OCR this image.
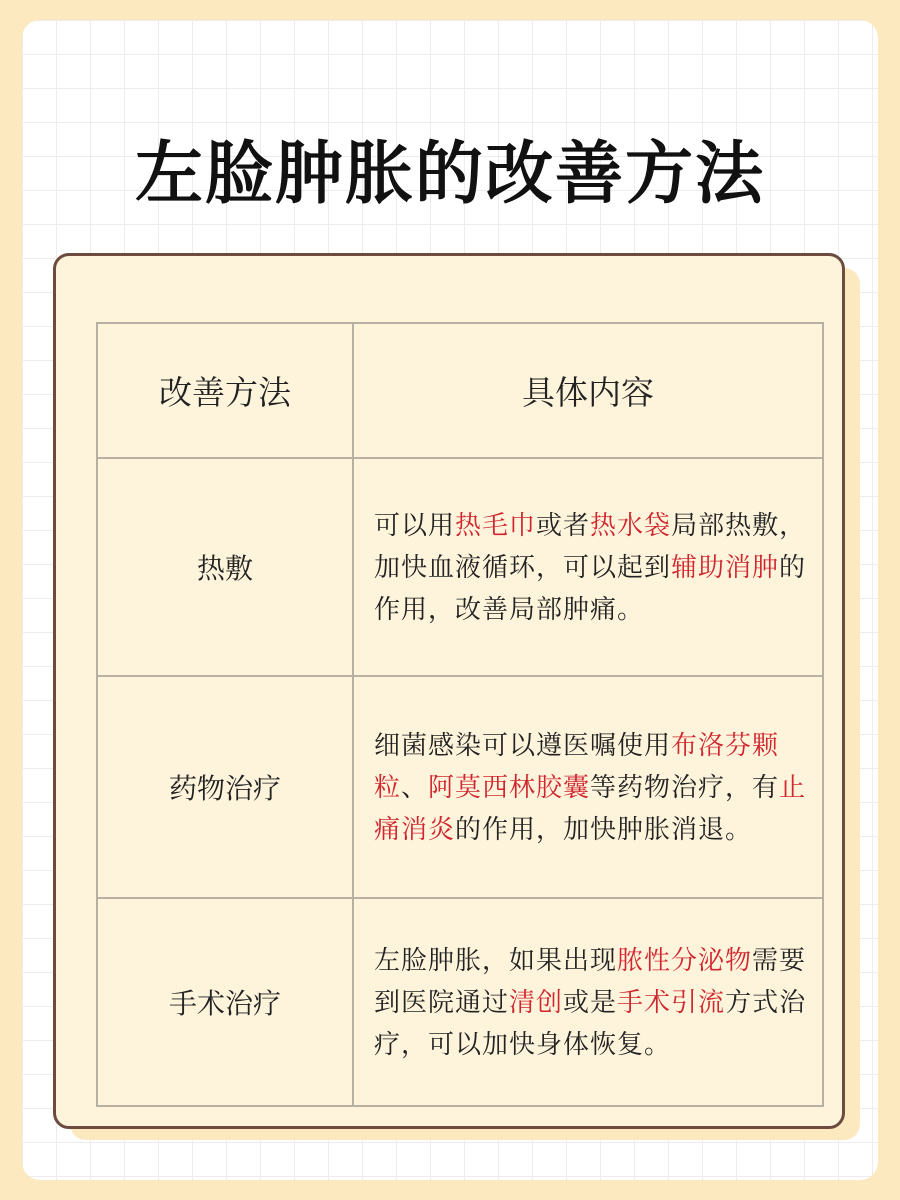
左脸肿胀的改善方法
改善方法	具体内容
热敷	可以用热毛巾或者热水袋局部热敷，加快血液循环，可以起到辅助消肿的作用，改善局部肿痛。
药物治疗	细菌感染可以遵医嘱使用布洛芬颗粒、阿莫西林胶囊等药物治疗，有止痛消炎的作用，加快肿胀消退。
手术治疗	左脸肿胀，如果出现脓性分泌物需要到医院通过清创或是手术引流方式治疗，可以加快身体恢复。
